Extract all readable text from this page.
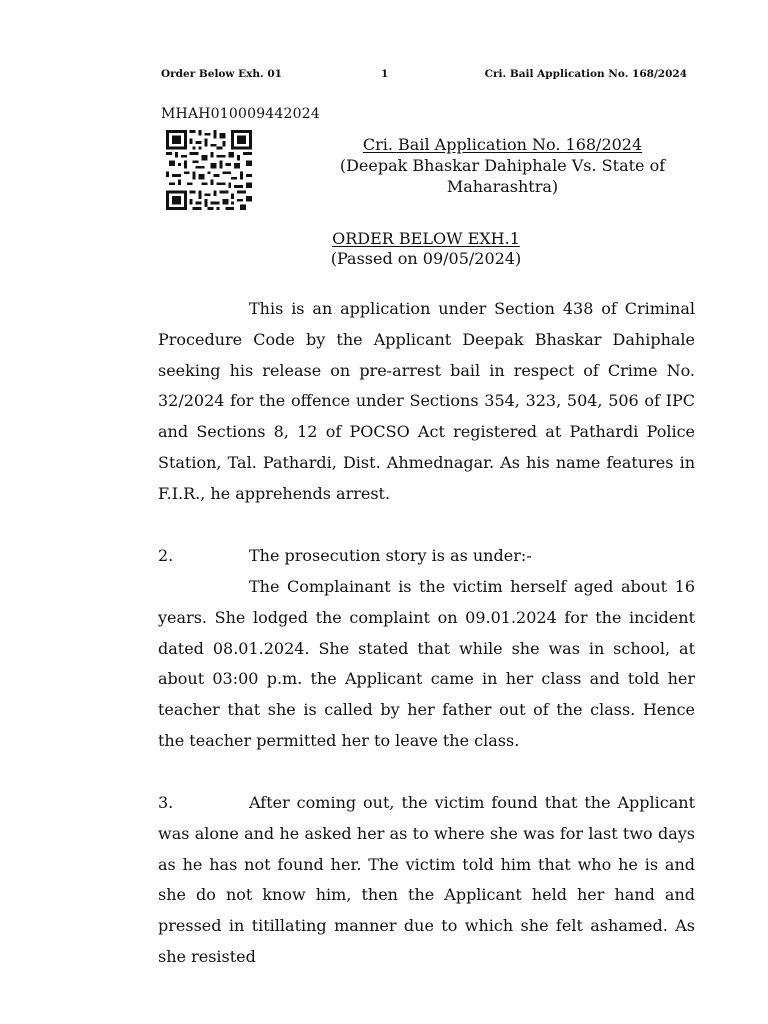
Order Below Exh. 01	1	Cri. Bail Application No. 168/2024
MHAH010009442024
Cri. Bail Application No. 168/2024
(Deepak Bhaskar Dahiphale Vs. State of
Maharashtra)
ORDER BELOW EXH.1
(Passed on 09/05/2024)
This is an application under Section 438 of Criminal Procedure Code by the Applicant Deepak Bhaskar Dahiphale seeking his release on pre-arrest bail in respect of Crime No. 32/2024 for the offence under Sections 354, 323, 504, 506 of IPC and Sections 8, 12 of POCSO Act registered at Pathardi Police Station, Tal. Pathardi, Dist. Ahmednagar. As his name features in F.I.R., he apprehends arrest.
2.	The prosecution story is as under:-
The Complainant is the victim herself aged about 16 years. She lodged the complaint on 09.01.2024 for the incident dated 08.01.2024. She stated that while she was in school, at about 03:00 p.m. the Applicant came in her class and told her teacher that she is called by her father out of the class. Hence the teacher permitted her to leave the class.
3.	After coming out, the victim found that the Applicant was alone and he asked her as to where she was for last two days as he has not found her. The victim told him that who he is and she do not know him, then the Applicant held her hand and pressed in titillating manner due to which she felt ashamed. As she resisted
